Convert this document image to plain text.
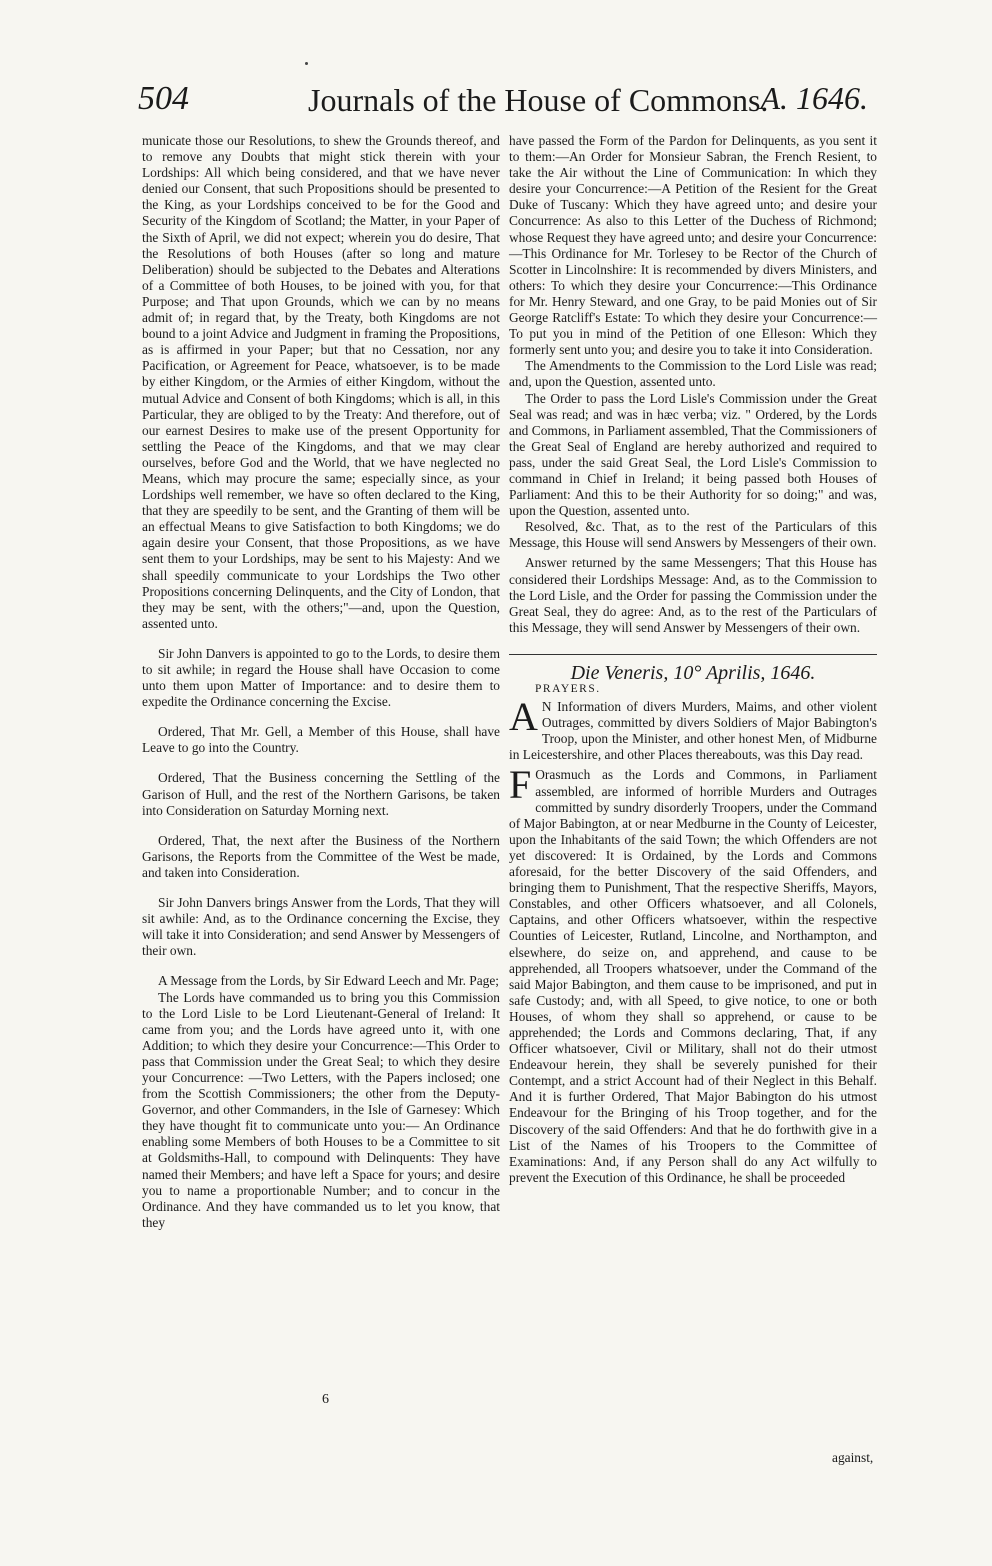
504	Journals of the House of Commons.
A. 1646.

municate those our Resolutions, to shew the Grounds thereof, and to remove any Doubts that might stick therein with your Lordships: All which being considered, and that we have never denied our Consent, that such Propositions should be presented to the King, as your Lordships conceived to be for the Good and Security of the Kingdom of Scotland; the Matter, in your Paper of the Sixth of April, we did not expect; wherein you do desire, That the Resolutions of both Houses (after so long and mature Deliberation) should be subjected to the Debates and Alterations of a Committee of both Houses, to be joined with you, for that Purpose; and That upon Grounds, which we can by no means admit of; in regard that, by the Treaty, both Kingdoms are not bound to a joint Advice and Judgment in framing the Propositions, as is affirmed in your Paper; but that no Cessation, nor any Pacification, or Agreement for Peace, whatsoever, is to be made by either Kingdom, or the Armies of either Kingdom, without the mutual Advice and Consent of both Kingdoms; which is all, in this Particular, they are obliged to by the Treaty: And therefore, out of our earnest Desires to make use of the present Opportunity for settling the Peace of the Kingdoms, and that we may clear ourselves, before God and the World, that we have neglected no Means, which may procure the same; especially since, as your Lordships well remember, we have so often declared to the King, that they are speedily to be sent, and the Granting of them will be an effectual Means to give Satisfaction to both Kingdoms; we do again desire your Consent, that those Propositions, as we have sent them to your Lordships, may be sent to his Majesty: And we shall speedily communicate to your Lordships the Two other Propositions concerning Delinquents, and the City of London, that they may be sent, with the others;"—and, upon the Question, assented unto.

Sir John Danvers is appointed to go to the Lords, to desire them to sit awhile; in regard the House shall have Occasion to come unto them upon Matter of Importance: and to desire them to expedite the Ordinance concerning the Excise.

Ordered, That Mr. Gell, a Member of this House, shall have Leave to go into the Country.

Ordered, That the Business concerning the Settling of the Garison of Hull, and the rest of the Northern Garisons, be taken into Consideration on Saturday Morning next.

Ordered, That, the next after the Business of the Northern Garisons, the Reports from the Committee of the West be made, and taken into Consideration.

Sir John Danvers brings Answer from the Lords, That they will sit awhile: And, as to the Ordinance concerning the Excise, they will take it into Consideration; and send Answer by Messengers of their own.

A Message from the Lords, by Sir Edward Leech and Mr. Page;

The Lords have commanded us to bring you this Commission to the Lord Lisle to be Lord Lieutenant-General of Ireland: It came from you; and the Lords have agreed unto it, with one Addition; to which they desire your Concurrence:—This Order to pass that Commission under the Great Seal; to which they desire your Concurrence: —Two Letters, with the Papers inclosed; one from the Scottish Commissioners; the other from the Deputy-Governor, and other Commanders, in the Isle of Garnesey: Which they have thought fit to communicate unto you:— An Ordinance enabling some Members of both Houses to be a Committee to sit at Goldsmiths-Hall, to compound with Delinquents: They have named their Members; and have left a Space for yours; and desire you to name a proportionable Number; and to concur in the Ordinance. And they have commanded us to let you know, that they

have passed the Form of the Pardon for Delinquents, as you sent it to them:—An Order for Monsieur Sabran, the French Resient, to take the Air without the Line of Communication: In which they desire your Concurrence:—A Petition of the Resient for the Great Duke of Tuscany: Which they have agreed unto; and desire your Concurrence: As also to this Letter of the Duchess of Richmond; whose Request they have agreed unto; and desire your Concurrence:—This Ordinance for Mr. Torlesey to be Rector of the Church of Scotter in Lincolnshire: It is recommended by divers Ministers, and others: To which they desire your Concurrence:—This Ordinance for Mr. Henry Steward, and one Gray, to be paid Monies out of Sir George Ratcliff's Estate: To which they desire your Concurrence:—To put you in mind of the Petition of one Elleson: Which they formerly sent unto you; and desire you to take it into Consideration.

The Amendments to the Commission to the Lord Lisle was read; and, upon the Question, assented unto.

The Order to pass the Lord Lisle's Commission under the Great Seal was read; and was in hæc verba; viz. " Ordered, by the Lords and Commons, in Parliament assembled, That the Commissioners of the Great Seal of England are hereby authorized and required to pass, under the said Great Seal, the Lord Lisle's Commission to command in Chief in Ireland; it being passed both Houses of Parliament: And this to be their Authority for so doing;" and was, upon the Question, assented unto.

Resolved, &c. That, as to the rest of the Particulars of this Message, this House will send Answers by Messengers of their own.

Answer returned by the same Messengers; That this House has considered their Lordships Message: And, as to the Commission to the Lord Lisle, and the Order for passing the Commission under the Great Seal, they do agree: And, as to the rest of the Particulars of this Message, they will send Answer by Messengers of their own.

Die Veneris, 10° Aprilis, 1646.

PRAYERS.

A N Information of divers Murders, Maims, and other violent Outrages, committed by divers Soldiers of Major Babington's Troop, upon the Minister, and other honest Men, of Midburne in Leicestershire, and other Places thereabouts, was this Day read.

F Orasmuch as the Lords and Commons, in Parliament assembled, are informed of horrible Murders and Outrages committed by sundry disorderly Troopers, under the Command of Major Babington, at or near Medburne in the County of Leicester, upon the Inhabitants of the said Town; the which Offenders are not yet discovered: It is Ordained, by the Lords and Commons aforesaid, for the better Discovery of the said Offenders, and bringing them to Punishment, That the respective Sheriffs, Mayors, Constables, and other Officers whatsoever, and all Colonels, Captains, and other Officers whatsoever, within the respective Counties of Leicester, Rutland, Lincolne, and Northampton, and elsewhere, do seize on, and apprehend, and cause to be apprehended, all Troopers whatsoever, under the Command of the said Major Babington, and them cause to be imprisoned, and put in safe Custody; and, with all Speed, to give notice, to one or both Houses, of whom they shall so apprehend, or cause to be apprehended; the Lords and Commons declaring, That, if any Officer whatsoever, Civil or Military, shall not do their utmost Endeavour herein, they shall be severely punished for their Contempt, and a strict Account had of their Neglect in this Behalf. And it is further Ordered, That Major Babington do his utmost Endeavour for the Bringing of his Troop together, and for the Discovery of the said Offenders: And that he do forthwith give in a List of the Names of his Troopers to the Committee of Examinations: And, if any Person shall do any Act wilfully to prevent the Execution of this Ordinance, he shall be proceeded

6
against,
